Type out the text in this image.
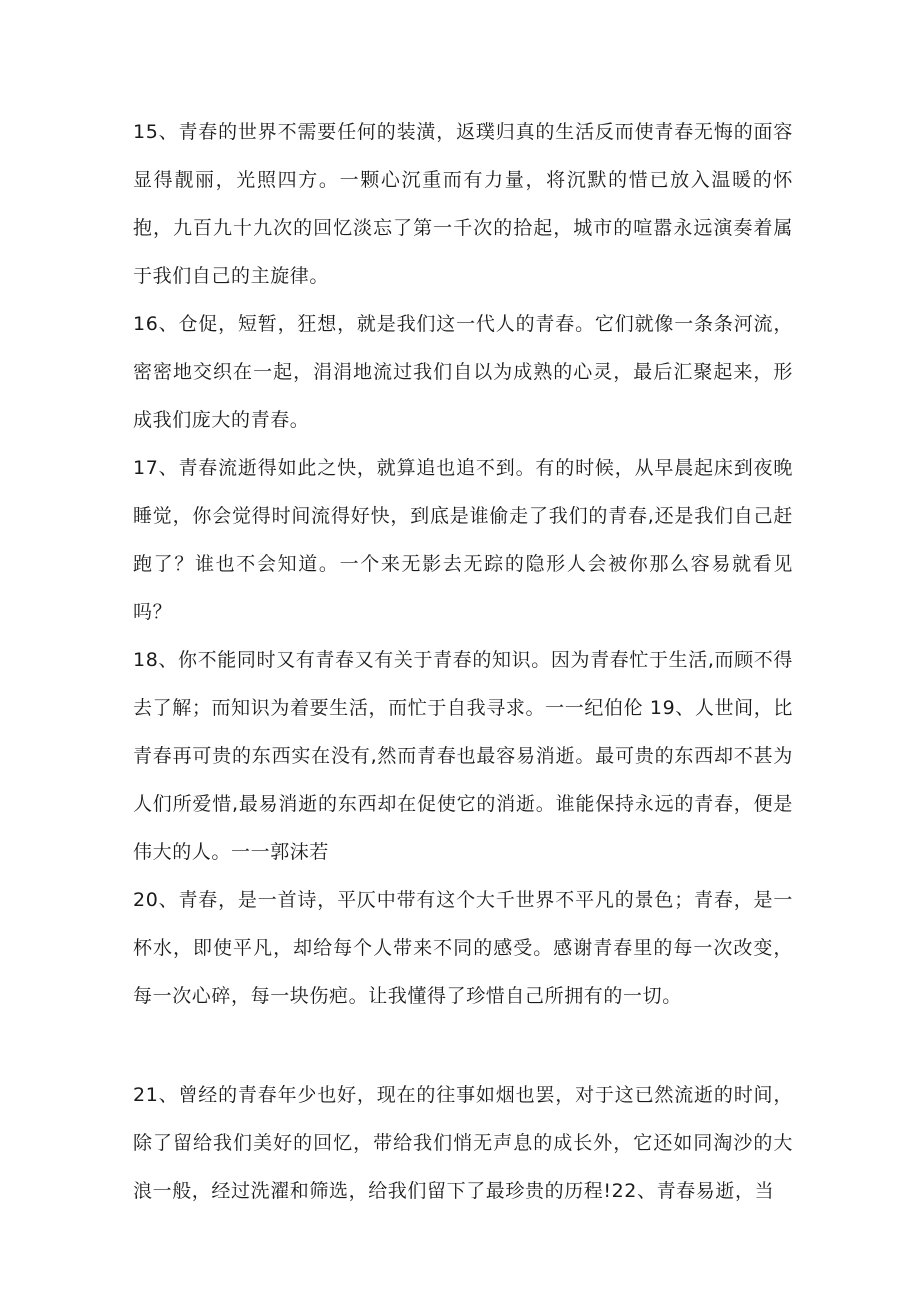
15、青春的世界不需要任何的装潢，返璞归真的生活反而使青春无悔的面容显得靓丽，光照四方。一颗心沉重而有力量，将沉默的惜已放入温暖的怀抱，九百九十九次的回忆淡忘了第一千次的拾起，城市的喧嚣永远演奏着属于我们自己的主旋律。

16、仓促，短暂，狂想，就是我们这一代人的青春。它们就像一条条河流，密密地交织在一起，涓涓地流过我们自以为成熟的心灵，最后汇聚起来，形成我们庞大的青春。

17、青春流逝得如此之快，就算追也追不到。有的时候，从早晨起床到夜晚睡觉，你会觉得时间流得好快，到底是谁偷走了我们的青春,还是我们自己赶跑了？谁也不会知道。一个来无影去无踪的隐形人会被你那么容易就看见吗？

18、你不能同时又有青春又有关于青春的知识。因为青春忙于生活,而顾不得去了解；而知识为着要生活，而忙于自我寻求。一一纪伯伦 19、人世间，比青春再可贵的东西实在没有,然而青春也最容易消逝。最可贵的东西却不甚为人们所爱惜,最易消逝的东西却在促使它的消逝。谁能保持永远的青春，便是伟大的人。一一郭沫若

20、青春，是一首诗，平仄中带有这个大千世界不平凡的景色；青春，是一杯水，即使平凡，却给每个人带来不同的感受。感谢青春里的每一次改变，每一次心碎，每一块伤疤。让我懂得了珍惜自己所拥有的一切。

21、曾经的青春年少也好，现在的往事如烟也罢，对于这已然流逝的时间，除了留给我们美好的回忆，带给我们悄无声息的成长外，它还如同淘沙的大浪一般，经过洗濯和筛选，给我们留下了最珍贵的历程!22、青春易逝，当
